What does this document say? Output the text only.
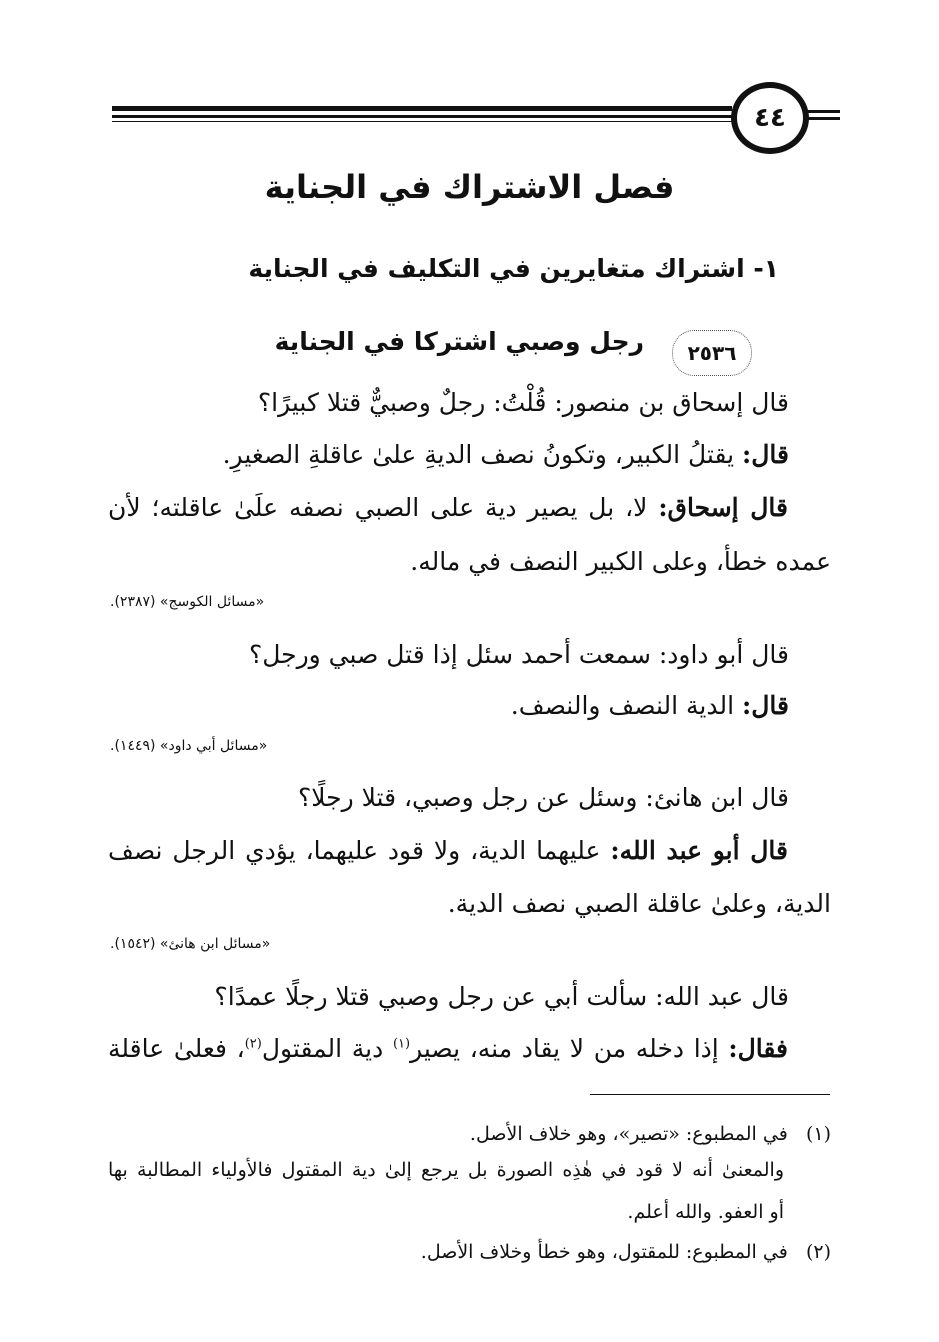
٤٤
فصل الاشتراك في الجناية
١- اشتراك متغايرين في التكليف في الجناية
٢٥٣٦
رجل وصبي اشتركا في الجناية
قال إسحاق بن منصور: قُلْتُ: رجلٌ وصبيٌّ قتلا كبيرًا؟
قال: يقتلُ الكبير، وتكونُ نصف الديةِ علىٰ عاقلةِ الصغيرِ.
قال إسحاق: لا، بل يصير دية على الصبي نصفه علَىٰ عاقلته؛ لأن
عمده خطأ، وعلى الكبير النصف في ماله.
«مسائل الكوسج» (٢٣٨٧).
قال أبو داود: سمعت أحمد سئل إذا قتل صبي ورجل؟
قال: الدية النصف والنصف.
«مسائل أبي داود» (١٤٤٩).
قال ابن هانئ: وسئل عن رجل وصبي، قتلا رجلًا؟
قال أبو عبد الله: عليهما الدية، ولا قود عليهما، يؤدي الرجل نصف
الدية، وعلىٰ عاقلة الصبي نصف الدية.
«مسائل ابن هانئ» (١٥٤٢).
قال عبد الله: سألت أبي عن رجل وصبي قتلا رجلًا عمدًا؟
فقال: إذا دخله من لا يقاد منه، يصير$^{(١)}$ دية المقتول$^{(٢)}$، فعلىٰ عاقلة
(١)   في المطبوع: «تصير»، وهو خلاف الأصل.
والمعنىٰ أنه لا قود في هٰذِه الصورة بل يرجع إلىٰ دية المقتول فالأولياء المطالبة بها
أو العفو. والله أعلم.
(٢)   في المطبوع: للمقتول، وهو خطأ وخلاف الأصل.
